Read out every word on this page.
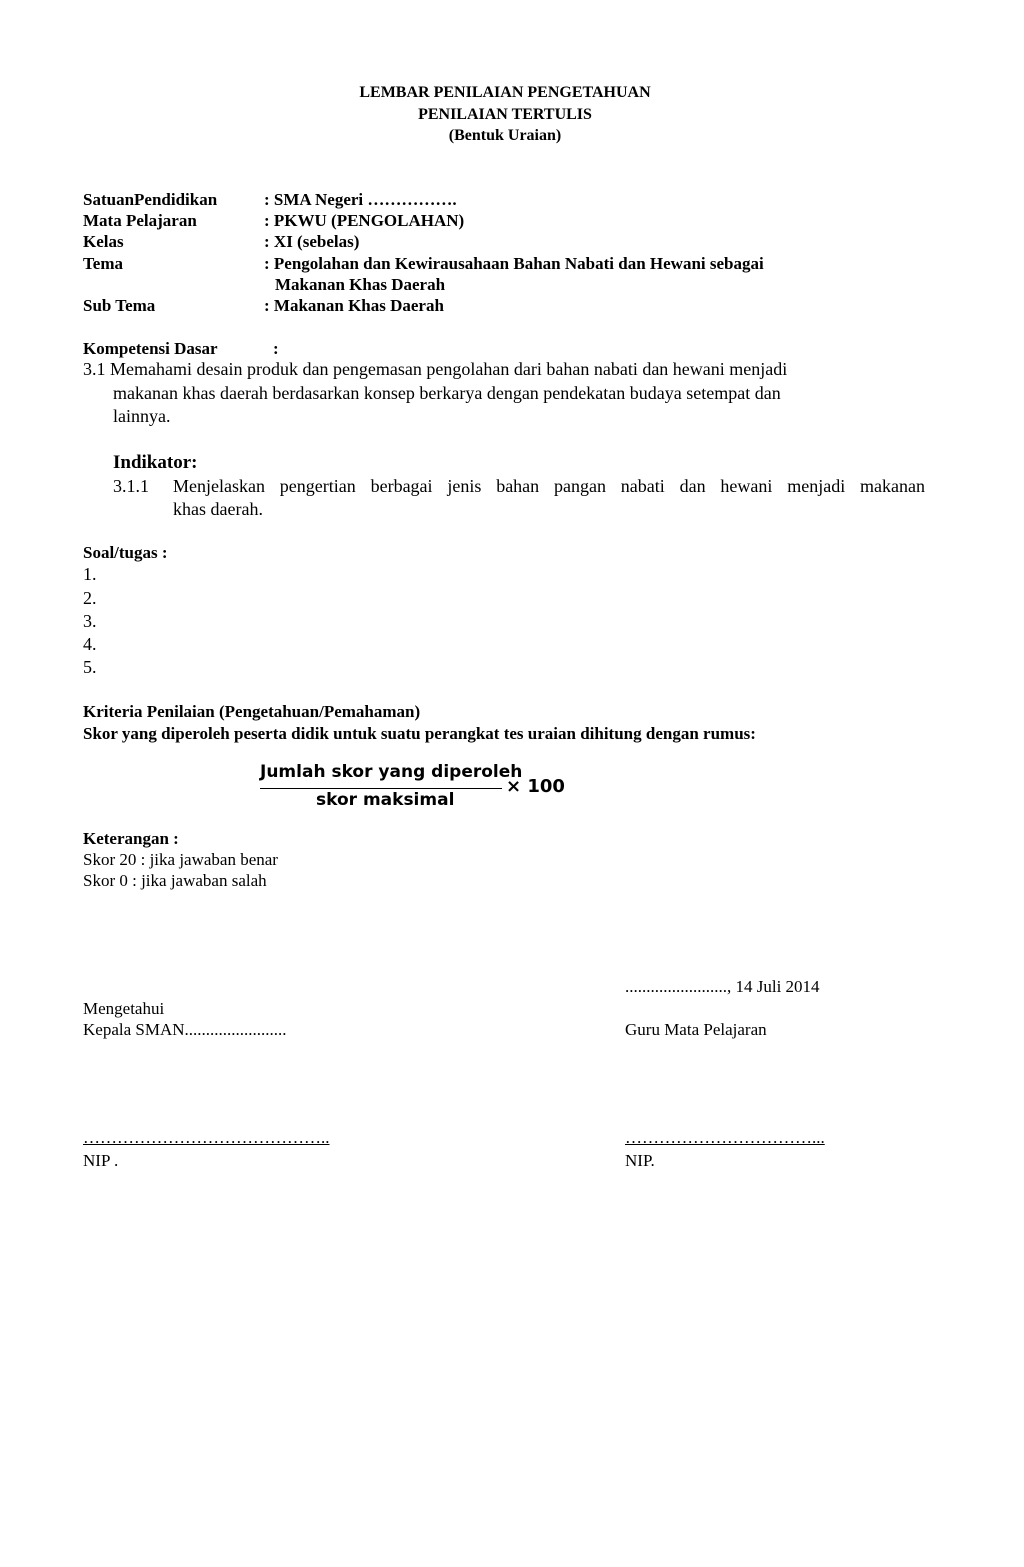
LEMBAR PENILAIAN PENGETAHUAN
PENILAIAN TERTULIS
(Bentuk Uraian)
SatuanPendidikan	: SMA Negeri …………….
Mata Pelajaran	: PKWU (PENGOLAHAN)
Kelas	: XI (sebelas)
Tema	: Pengolahan dan Kewirausahaan Bahan Nabati dan Hewani sebagai
Makanan Khas Daerah
Sub Tema	: Makanan Khas Daerah
Kompetensi Dasar	:
3.1 Memahami desain produk dan pengemasan pengolahan dari bahan nabati dan hewani menjadi
makanan khas daerah berdasarkan konsep berkarya dengan pendekatan budaya setempat dan
lainnya.
Indikator:
3.1.1 Menjelaskan pengertian berbagai jenis bahan pangan nabati dan hewani menjadi makanan
khas daerah.
Soal/tugas :
1.
2.
3.
4.
5.
Kriteria Penilaian (Pengetahuan/Pemahaman)
Skor yang diperoleh peserta didik untuk suatu perangkat tes uraian dihitung dengan rumus:
Jumlah skor yang diperoleh
skor maksimal
× 100
Keterangan :
Skor 20 : jika jawaban benar
Skor 0 : jika jawaban salah
........................, 14 Juli 2014
Mengetahui
Kepala SMAN........................	Guru Mata Pelajaran
……………………………………..	……………………………...
NIP .	NIP.
